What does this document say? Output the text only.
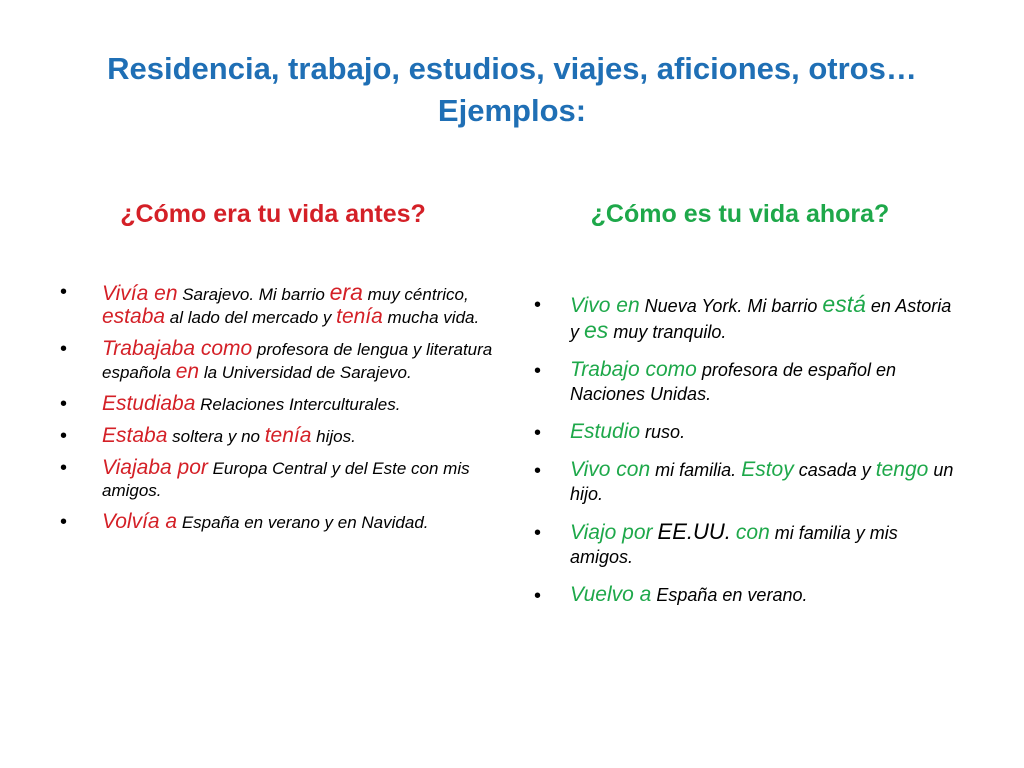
Residencia, trabajo, estudios, viajes, aficiones, otros…
Ejemplos:
¿Cómo era tu vida antes?
• Vivía en Sarajevo. Mi barrio era muy céntrico, estaba al lado del mercado y tenía mucha vida.
• Trabajaba como profesora de lengua y literatura española en la Universidad de Sarajevo.
• Estudiaba Relaciones Interculturales.
• Estaba soltera y no tenía hijos.
• Viajaba por Europa Central y del Este con mis amigos.
• Volvía a España en verano y en Navidad.
¿Cómo es tu vida ahora?
• Vivo en Nueva York. Mi barrio está en Astoria y es muy tranquilo.
• Trabajo como profesora de español en Naciones Unidas.
• Estudio ruso.
• Vivo con mi familia. Estoy casada y tengo un hijo.
• Viajo por EE.UU. con mi familia y mis amigos.
• Vuelvo a España en verano.
